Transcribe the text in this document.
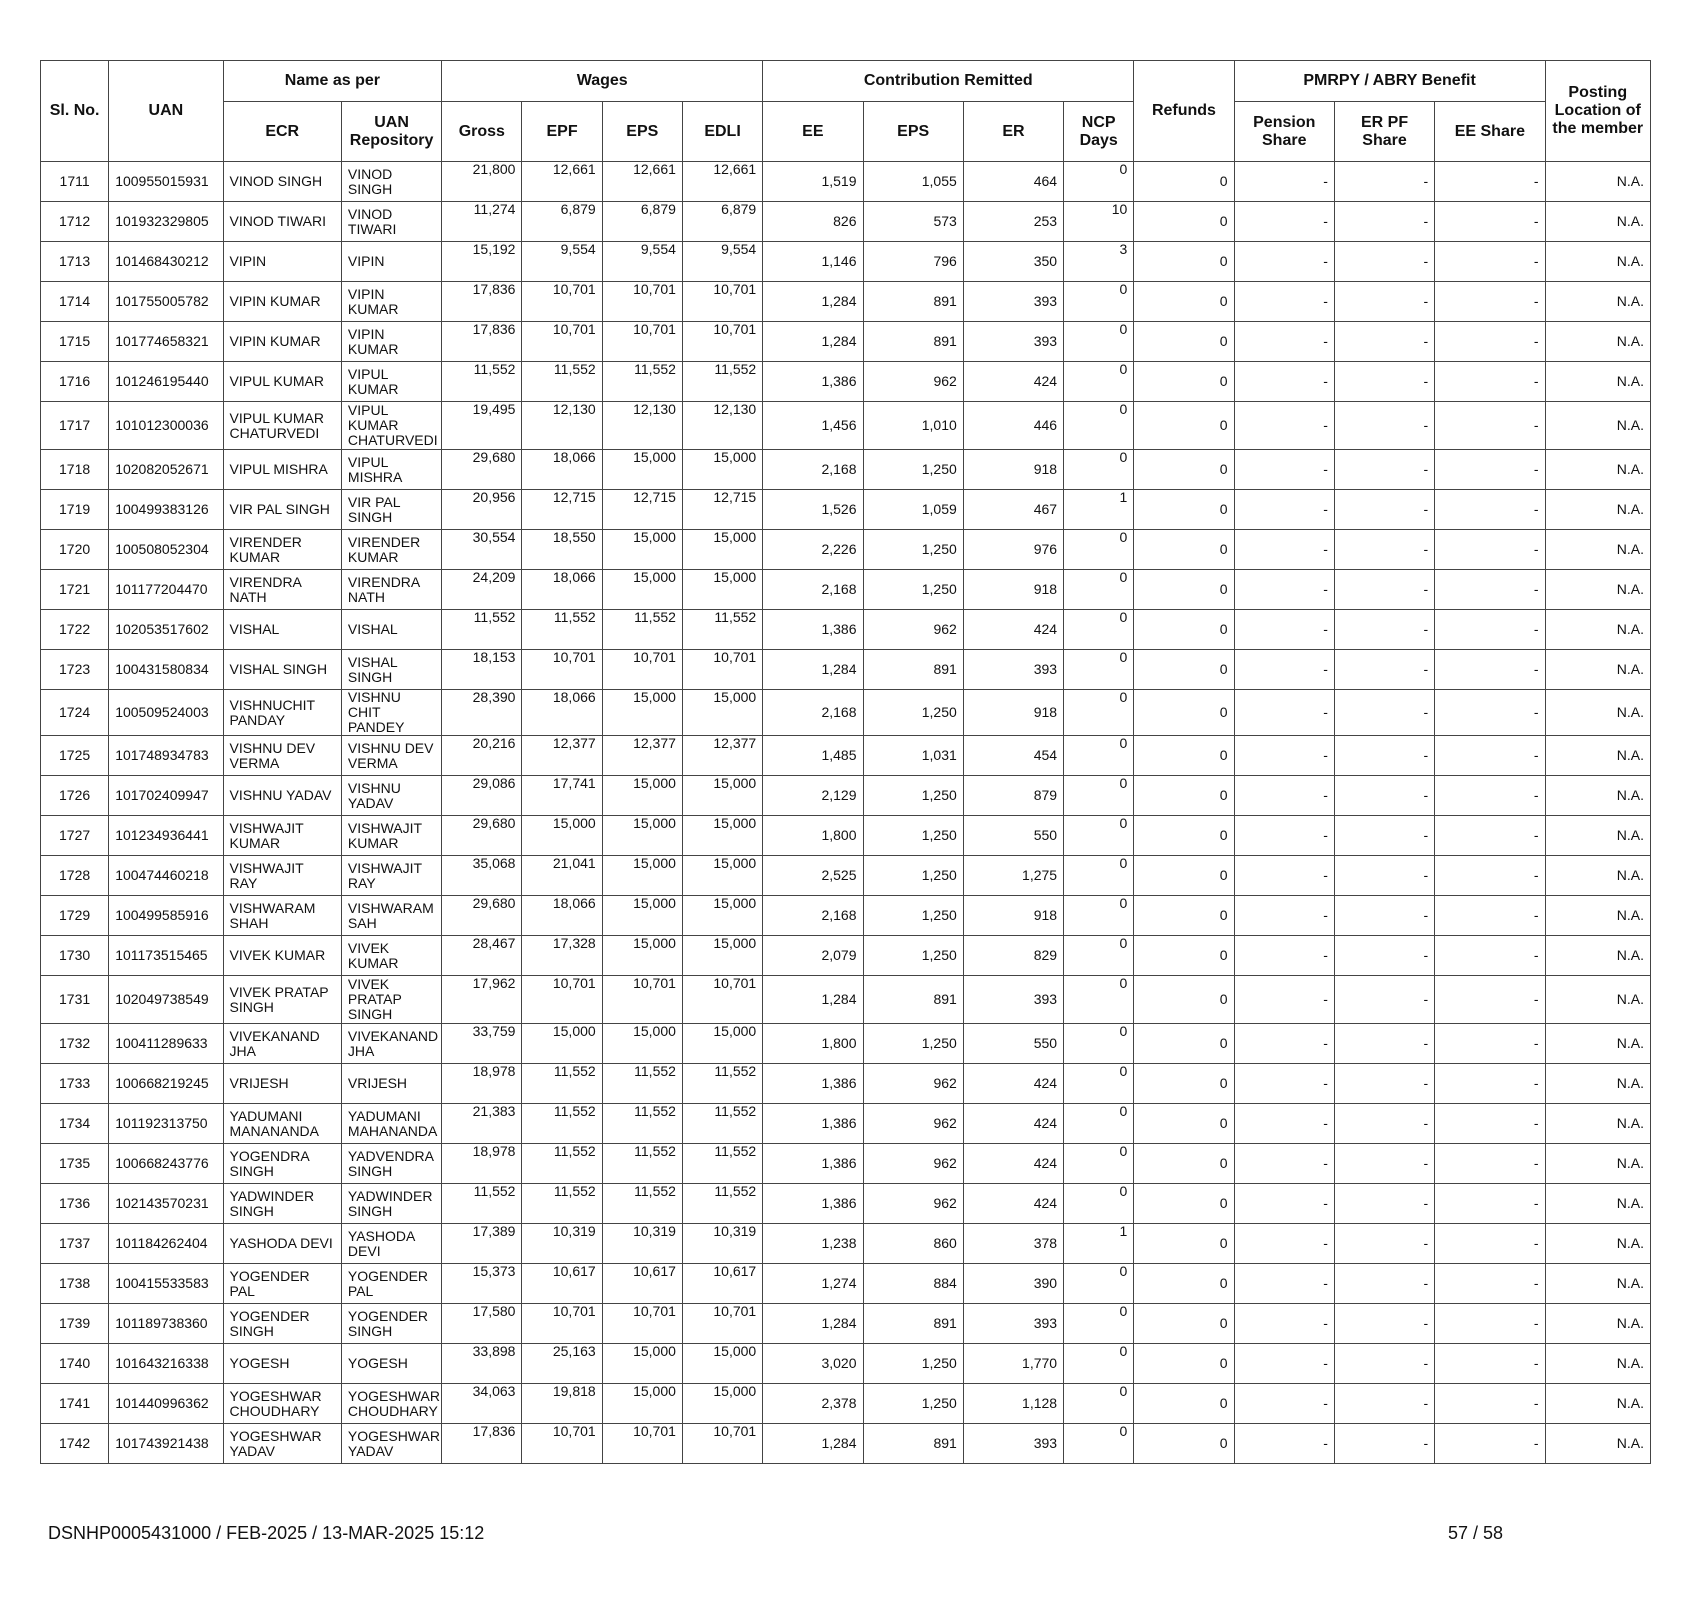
Sl. No.	UAN	Name as per		Wages				Contribution Remitted				Refunds	PMRPY / ABRY Benefit			Posting Location of the member
		ECR	UAN Repository	Gross	EPF	EPS	EDLI	EE	EPS	ER	NCP Days		Pension Share	ER PF Share	EE Share	
1711	100955015931	VINOD SINGH	VINOD SINGH	21,800	12,661	12,661	12,661	1,519	1,055	464	0	0	-	-	-	N.A.
1712	101932329805	VINOD TIWARI	VINOD TIWARI	11,274	6,879	6,879	6,879	826	573	253	10	0	-	-	-	N.A.
1713	101468430212	VIPIN	VIPIN	15,192	9,554	9,554	9,554	1,146	796	350	3	0	-	-	-	N.A.
1714	101755005782	VIPIN KUMAR	VIPIN KUMAR	17,836	10,701	10,701	10,701	1,284	891	393	0	0	-	-	-	N.A.
1715	101774658321	VIPIN KUMAR	VIPIN KUMAR	17,836	10,701	10,701	10,701	1,284	891	393	0	0	-	-	-	N.A.
1716	101246195440	VIPUL KUMAR	VIPUL KUMAR	11,552	11,552	11,552	11,552	1,386	962	424	0	0	-	-	-	N.A.
1717	101012300036	VIPUL KUMAR CHATURVEDI	VIPUL KUMAR CHATURVEDI	19,495	12,130	12,130	12,130	1,456	1,010	446	0	0	-	-	-	N.A.
1718	102082052671	VIPUL MISHRA	VIPUL MISHRA	29,680	18,066	15,000	15,000	2,168	1,250	918	0	0	-	-	-	N.A.
1719	100499383126	VIR PAL SINGH	VIR PAL SINGH	20,956	12,715	12,715	12,715	1,526	1,059	467	1	0	-	-	-	N.A.
1720	100508052304	VIRENDER KUMAR	VIRENDER KUMAR	30,554	18,550	15,000	15,000	2,226	1,250	976	0	0	-	-	-	N.A.
1721	101177204470	VIRENDRA NATH	VIRENDRA NATH	24,209	18,066	15,000	15,000	2,168	1,250	918	0	0	-	-	-	N.A.
1722	102053517602	VISHAL	VISHAL	11,552	11,552	11,552	11,552	1,386	962	424	0	0	-	-	-	N.A.
1723	100431580834	VISHAL SINGH	VISHAL SINGH	18,153	10,701	10,701	10,701	1,284	891	393	0	0	-	-	-	N.A.
1724	100509524003	VISHNUCHIT PANDAY	VISHNU CHIT PANDEY	28,390	18,066	15,000	15,000	2,168	1,250	918	0	0	-	-	-	N.A.
1725	101748934783	VISHNU DEV VERMA	VISHNU DEV VERMA	20,216	12,377	12,377	12,377	1,485	1,031	454	0	0	-	-	-	N.A.
1726	101702409947	VISHNU YADAV	VISHNU YADAV	29,086	17,741	15,000	15,000	2,129	1,250	879	0	0	-	-	-	N.A.
1727	101234936441	VISHWAJIT KUMAR	VISHWAJIT KUMAR	29,680	15,000	15,000	15,000	1,800	1,250	550	0	0	-	-	-	N.A.
1728	100474460218	VISHWAJIT RAY	VISHWAJIT RAY	35,068	21,041	15,000	15,000	2,525	1,250	1,275	0	0	-	-	-	N.A.
1729	100499585916	VISHWARAM SHAH	VISHWARAM SAH	29,680	18,066	15,000	15,000	2,168	1,250	918	0	0	-	-	-	N.A.
1730	101173515465	VIVEK KUMAR	VIVEK KUMAR	28,467	17,328	15,000	15,000	2,079	1,250	829	0	0	-	-	-	N.A.
1731	102049738549	VIVEK PRATAP SINGH	VIVEK PRATAP SINGH	17,962	10,701	10,701	10,701	1,284	891	393	0	0	-	-	-	N.A.
1732	100411289633	VIVEKANAND JHA	VIVEKANAND JHA	33,759	15,000	15,000	15,000	1,800	1,250	550	0	0	-	-	-	N.A.
1733	100668219245	VRIJESH	VRIJESH	18,978	11,552	11,552	11,552	1,386	962	424	0	0	-	-	-	N.A.
1734	101192313750	YADUMANI MANANANDA	YADUMANI MAHANANDA	21,383	11,552	11,552	11,552	1,386	962	424	0	0	-	-	-	N.A.
1735	100668243776	YOGENDRA SINGH	YADVENDRA SINGH	18,978	11,552	11,552	11,552	1,386	962	424	0	0	-	-	-	N.A.
1736	102143570231	YADWINDER SINGH	YADWINDER SINGH	11,552	11,552	11,552	11,552	1,386	962	424	0	0	-	-	-	N.A.
1737	101184262404	YASHODA DEVI	YASHODA DEVI	17,389	10,319	10,319	10,319	1,238	860	378	1	0	-	-	-	N.A.
1738	100415533583	YOGENDER PAL	YOGENDER PAL	15,373	10,617	10,617	10,617	1,274	884	390	0	0	-	-	-	N.A.
1739	101189738360	YOGENDER SINGH	YOGENDER SINGH	17,580	10,701	10,701	10,701	1,284	891	393	0	0	-	-	-	N.A.
1740	101643216338	YOGESH	YOGESH	33,898	25,163	15,000	15,000	3,020	1,250	1,770	0	0	-	-	-	N.A.
1741	101440996362	YOGESHWAR CHOUDHARY	YOGESHWAR CHOUDHARY	34,063	19,818	15,000	15,000	2,378	1,250	1,128	0	0	-	-	-	N.A.
1742	101743921438	YOGESHWAR YADAV	YOGESHWAR YADAV	17,836	10,701	10,701	10,701	1,284	891	393	0	0	-	-	-	N.A.
DSNHP0005431000 / FEB-2025 / 13-MAR-2025 15:12	57 / 58
